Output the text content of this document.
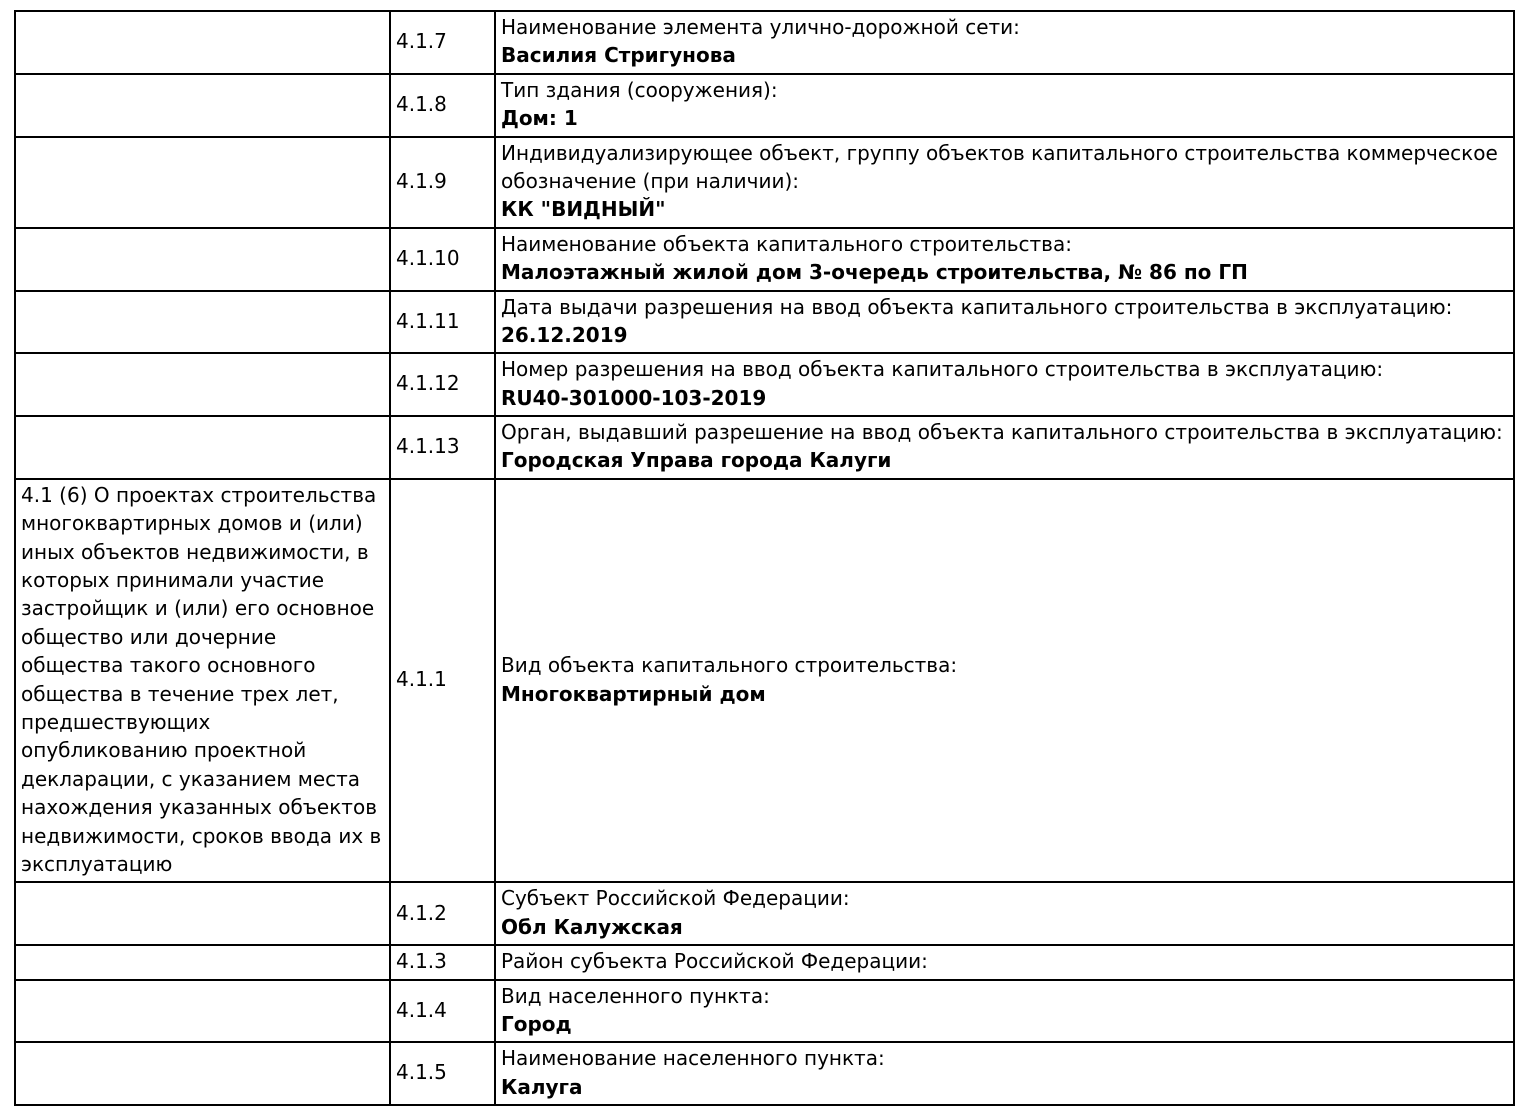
	4.1.7	Наименование элемента улично-дорожной сети:
Василия Стригунова

	4.1.8	Тип здания (сооружения):
Дом: 1

	4.1.9	Индивидуализирующее объект, группу объектов капитального строительства коммерческое обозначение (при наличии):
КК "ВИДНЫЙ"

	4.1.10	Наименование объекта капитального строительства:
Малоэтажный жилой дом 3-очередь строительства, № 86 по ГП

	4.1.11	Дата выдачи разрешения на ввод объекта капитального строительства в эксплуатацию:
26.12.2019

	4.1.12	Номер разрешения на ввод объекта капитального строительства в эксплуатацию:
RU40-301000-103-2019

	4.1.13	Орган, выдавший разрешение на ввод объекта капитального строительства в эксплуатацию:
Городская Управа города Калуги

4.1 (6) О проектах строительства многоквартирных домов и (или) иных объектов недвижимости, в которых принимали участие застройщик и (или) его основное общество или дочерние общества такого основного общества в течение трех лет, предшествующих опубликованию проектной декларации, с указанием места нахождения указанных объектов недвижимости, сроков ввода их в эксплуатацию	4.1.1	Вид объекта капитального строительства:
Многоквартирный дом

	4.1.2	Субъект Российской Федерации:
Обл Калужская

	4.1.3	Район субъекта Российской Федерации:

	4.1.4	Вид населенного пункта:
Город

	4.1.5	Наименование населенного пункта:
Калуга
